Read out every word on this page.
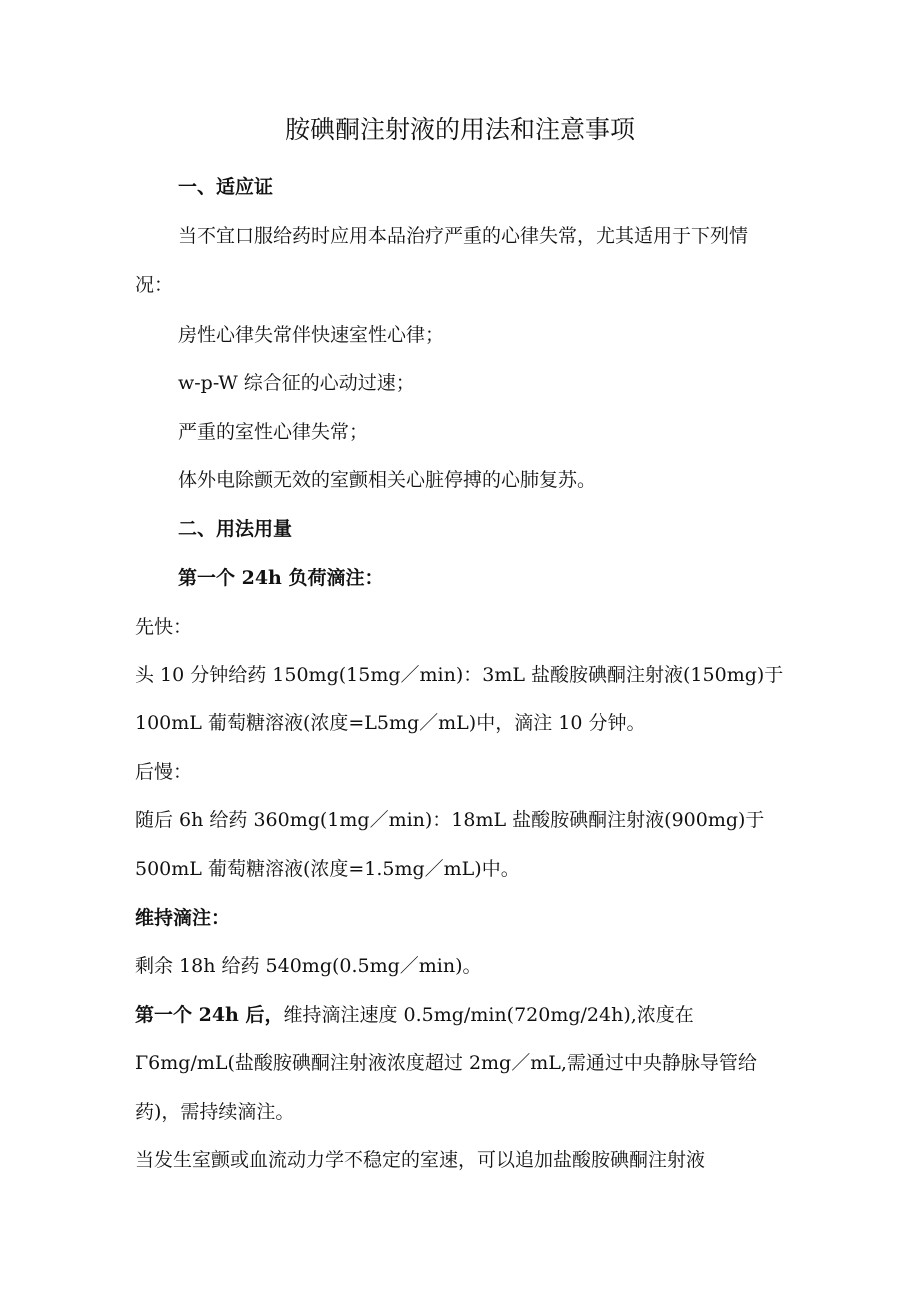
胺碘酮注射液的用法和注意事项
一、适应证
当不宜口服给药时应用本品治疗严重的心律失常，尤其适用于下列情
况：
房性心律失常伴快速室性心律；
w-p-W 综合征的心动过速；
严重的室性心律失常；
体外电除颤无效的室颤相关心脏停搏的心肺复苏。
二、用法用量
第一个 24h 负荷滴注：
先快：
头 10 分钟给药 150mg(15mg／min)：3mL 盐酸胺碘酮注射液(150mg)于
100mL 葡萄糖溶液(浓度=L5mg／mL)中，滴注 10 分钟。
后慢：
随后 6h 给药 360mg(1mg／min)：18mL 盐酸胺碘酮注射液(900mg)于
500mL 葡萄糖溶液(浓度=1.5mg／mL)中。
维持滴注：
剩余 18h 给药 540mg(0.5mg／min)。
第一个 24h 后，维持滴注速度 0.5mg/min(720mg/24h),浓度在
Γ6mg/mL(盐酸胺碘酮注射液浓度超过 2mg／mL,需通过中央静脉导管给
药)，需持续滴注。
当发生室颤或血流动力学不稳定的室速，可以追加盐酸胺碘酮注射液
